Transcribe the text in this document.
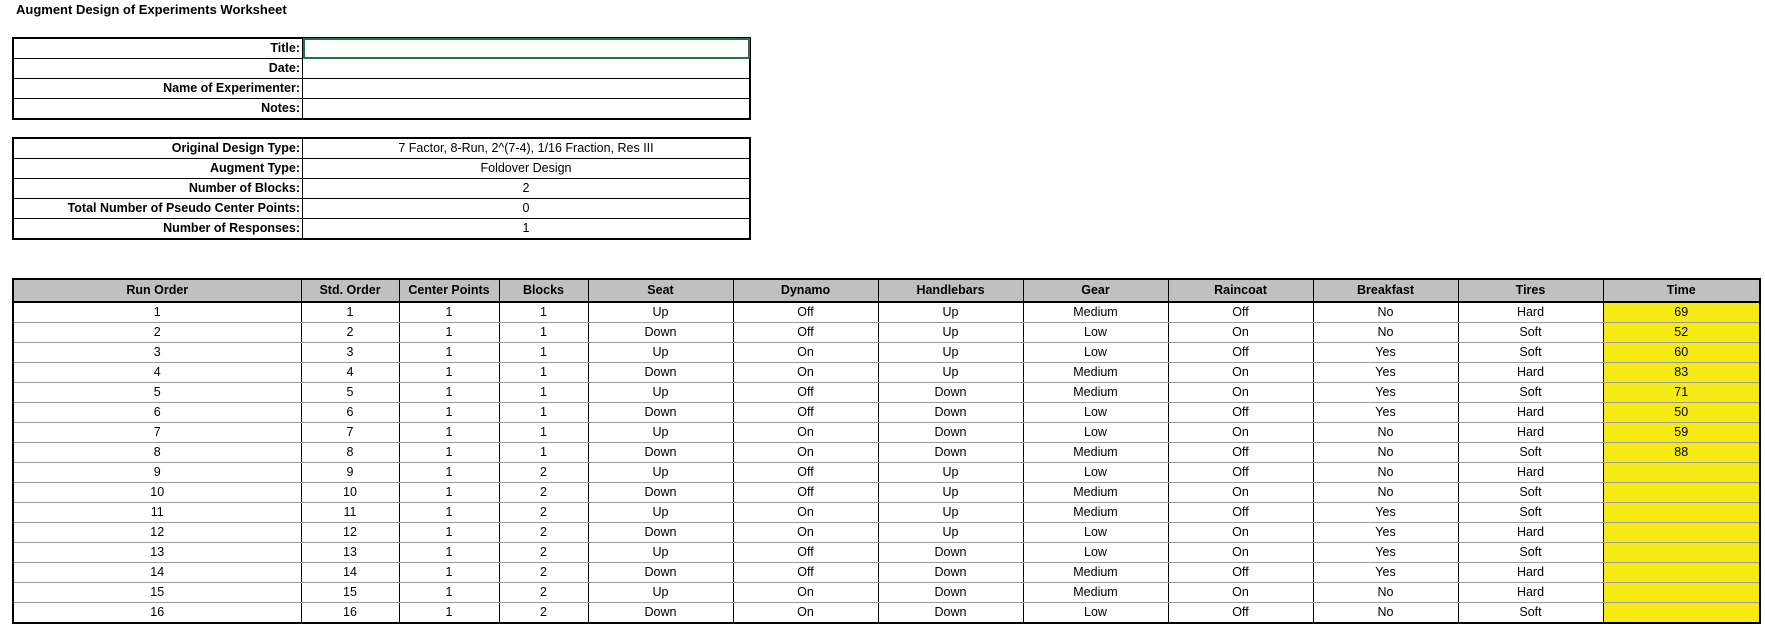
Augment Design of Experiments Worksheet
Title:	
Date:	
Name of Experimenter:	
Notes:	
Original Design Type:	7 Factor, 8-Run, 2^(7-4), 1/16 Fraction, Res III
Augment Type:	Foldover Design
Number of Blocks:	2
Total Number of Pseudo Center Points:	0
Number of Responses:	1
Run Order	Std. Order	Center Points	Blocks	Seat	Dynamo	Handlebars	Gear	Raincoat	Breakfast	Tires	Time
1	1	1	1	Up	Off	Up	Medium	Off	No	Hard	69
2	2	1	1	Down	Off	Up	Low	On	No	Soft	52
3	3	1	1	Up	On	Up	Low	Off	Yes	Soft	60
4	4	1	1	Down	On	Up	Medium	On	Yes	Hard	83
5	5	1	1	Up	Off	Down	Medium	On	Yes	Soft	71
6	6	1	1	Down	Off	Down	Low	Off	Yes	Hard	50
7	7	1	1	Up	On	Down	Low	On	No	Hard	59
8	8	1	1	Down	On	Down	Medium	Off	No	Soft	88
9	9	1	2	Up	Off	Up	Low	Off	No	Hard	
10	10	1	2	Down	Off	Up	Medium	On	No	Soft	
11	11	1	2	Up	On	Up	Medium	Off	Yes	Soft	
12	12	1	2	Down	On	Up	Low	On	Yes	Hard	
13	13	1	2	Up	Off	Down	Low	On	Yes	Soft	
14	14	1	2	Down	Off	Down	Medium	Off	Yes	Hard	
15	15	1	2	Up	On	Down	Medium	On	No	Hard	
16	16	1	2	Down	On	Down	Low	Off	No	Soft	
